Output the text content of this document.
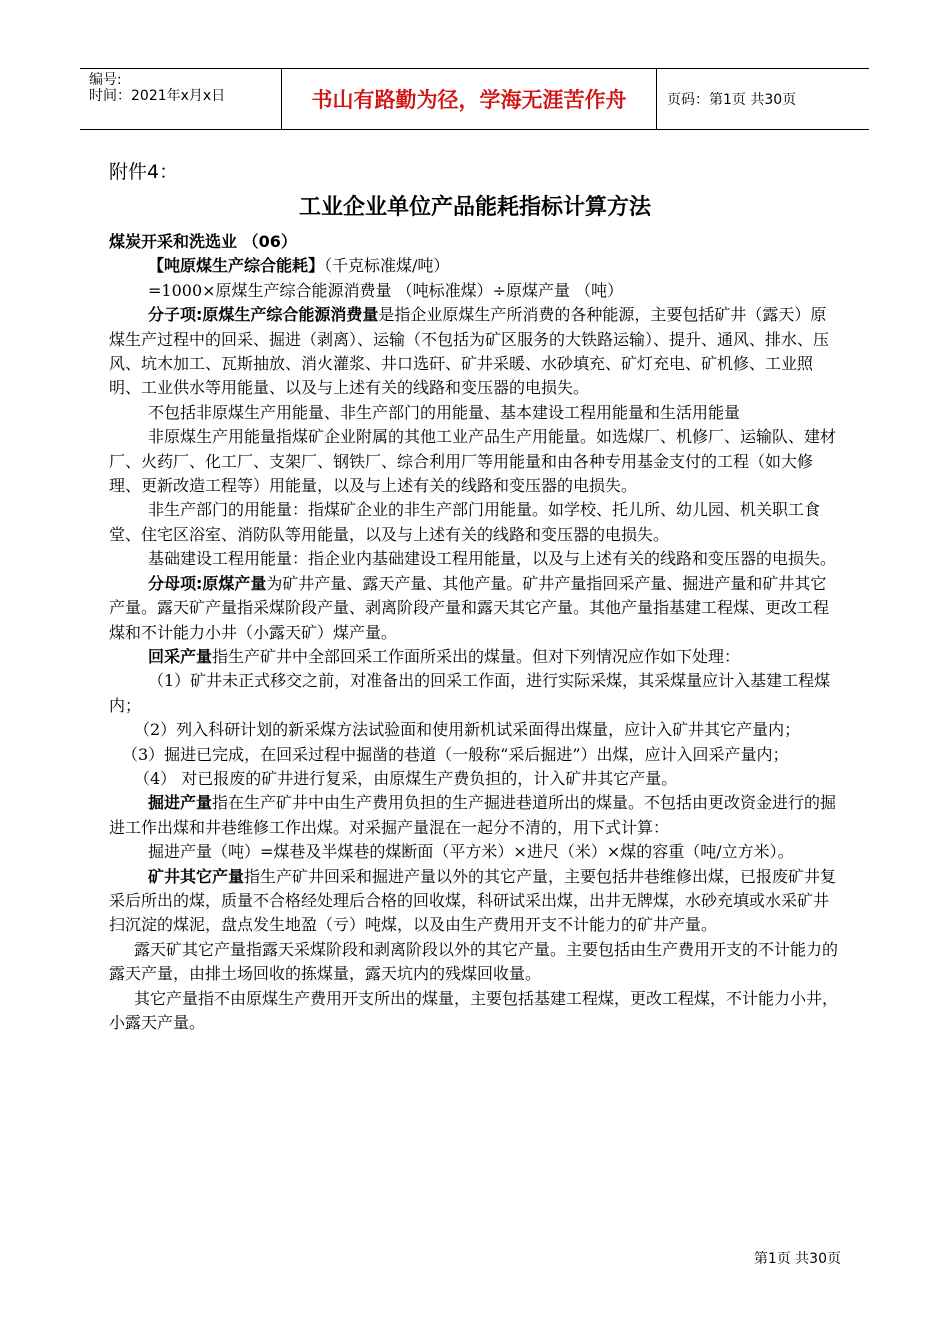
编号:
时间：2021年x月x日	书山有路勤为径，学海无涯苦作舟	页码：第1页 共30页
附件4：
工业企业单位产品能耗指标计算方法

煤炭开采和洗选业 （06）

【吨原煤生产综合能耗】（千克标准煤/吨）

=1000×原煤生产综合能源消费量 （吨标准煤）÷原煤产量 （吨）

分子项:原煤生产综合能源消费量是指企业原煤生产所消费的各种能源，主要包括矿井（露天）原煤生产过程中的回采、掘进（剥离）、运输（不包括为矿区服务的大铁路运输）、提升、通风、排水、压风、坑木加工、瓦斯抽放、消火灌浆、井口选矸、矿井采暖、水砂填充、矿灯充电、矿机修、工业照明、工业供水等用能量、以及与上述有关的线路和变压器的电损失。

不包括非原煤生产用能量、非生产部门的用能量、基本建设工程用能量和生活用能量

非原煤生产用能量指煤矿企业附属的其他工业产品生产用能量。如选煤厂、机修厂、运输队、建材厂、火药厂、化工厂、支架厂、钢铁厂、综合利用厂等用能量和由各种专用基金支付的工程（如大修理、更新改造工程等）用能量，以及与上述有关的线路和变压器的电损失。

非生产部门的用能量：指煤矿企业的非生产部门用能量。如学校、托儿所、幼儿园、机关职工食堂、住宅区浴室、消防队等用能量，以及与上述有关的线路和变压器的电损失。

基础建设工程用能量：指企业内基础建设工程用能量，以及与上述有关的线路和变压器的电损失。

分母项:原煤产量为矿井产量、露天产量、其他产量。矿井产量指回采产量、掘进产量和矿井其它产量。露天矿产量指采煤阶段产量、剥离阶段产量和露天其它产量。其他产量指基建工程煤、更改工程煤和不计能力小井（小露天矿）煤产量。

回采产量指生产矿井中全部回采工作面所采出的煤量。但对下列情况应作如下处理：

（1）矿井未正式移交之前，对准备出的回采工作面，进行实际采煤，其采煤量应计入基建工程煤内；

（2）列入科研计划的新采煤方法试验面和使用新机试采面得出煤量，应计入矿井其它产量内；

（3）掘进已完成，在回采过程中掘凿的巷道（一般称“采后掘进”）出煤，应计入回采产量内；

（4） 对已报废的矿井进行复采，由原煤生产费负担的，计入矿井其它产量。

掘进产量指在生产矿井中由生产费用负担的生产掘进巷道所出的煤量。不包括由更改资金进行的掘进工作出煤和井巷维修工作出煤。对采掘产量混在一起分不清的，用下式计算：

掘进产量（吨）=煤巷及半煤巷的煤断面（平方米）×进尺（米）×煤的容重（吨/立方米）。

矿井其它产量指生产矿井回采和掘进产量以外的其它产量，主要包括井巷维修出煤，已报废矿井复采后所出的煤，质量不合格经处理后合格的回收煤，科研试采出煤，出井无牌煤，水砂充填或水采矿井扫沉淀的煤泥，盘点发生地盈（亏）吨煤，以及由生产费用开支不计能力的矿井产量。

露天矿其它产量指露天采煤阶段和剥离阶段以外的其它产量。主要包括由生产费用开支的不计能力的露天产量，由排土场回收的拣煤量，露天坑内的残煤回收量。

其它产量指不由原煤生产费用开支所出的煤量，主要包括基建工程煤，更改工程煤，不计能力小井，小露天产量。

第1页 共30页
